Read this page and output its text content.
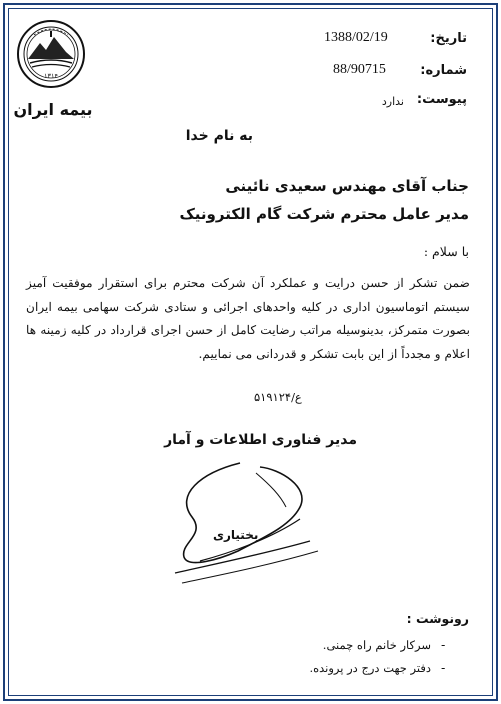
۱۳۱۴
بیمه ایران
تاریخ:
1388/02/19
شماره:
88/90715
پیوست:
ندارد
به نام خدا
جناب آقای مهندس سعیدی نائینی
مدیر عامل محترم شرکت گام الکترونیک
با سلام :
ضمن تشکر از حسن درایت و عملکرد آن شرکت محترم برای استقرار موفقیت آمیز سیستم اتوماسیون اداری در کلیه واحدهای اجرائی و ستادی شرکت سهامی بیمه ایران بصورت متمرکز، بدینوسیله مراتب رضایت کامل از حسن اجرای قرارداد در کلیه زمینه ها اعلام و مجدداً از این بابت تشکر و قدردانی می نماییم.
ع/۵۱۹۱۲۴
مدیر فناوری اطلاعات و آمار
بختیاری
رونوشت :
-
سرکار خانم راه چمنی.
-
دفتر جهت درج در پرونده.
